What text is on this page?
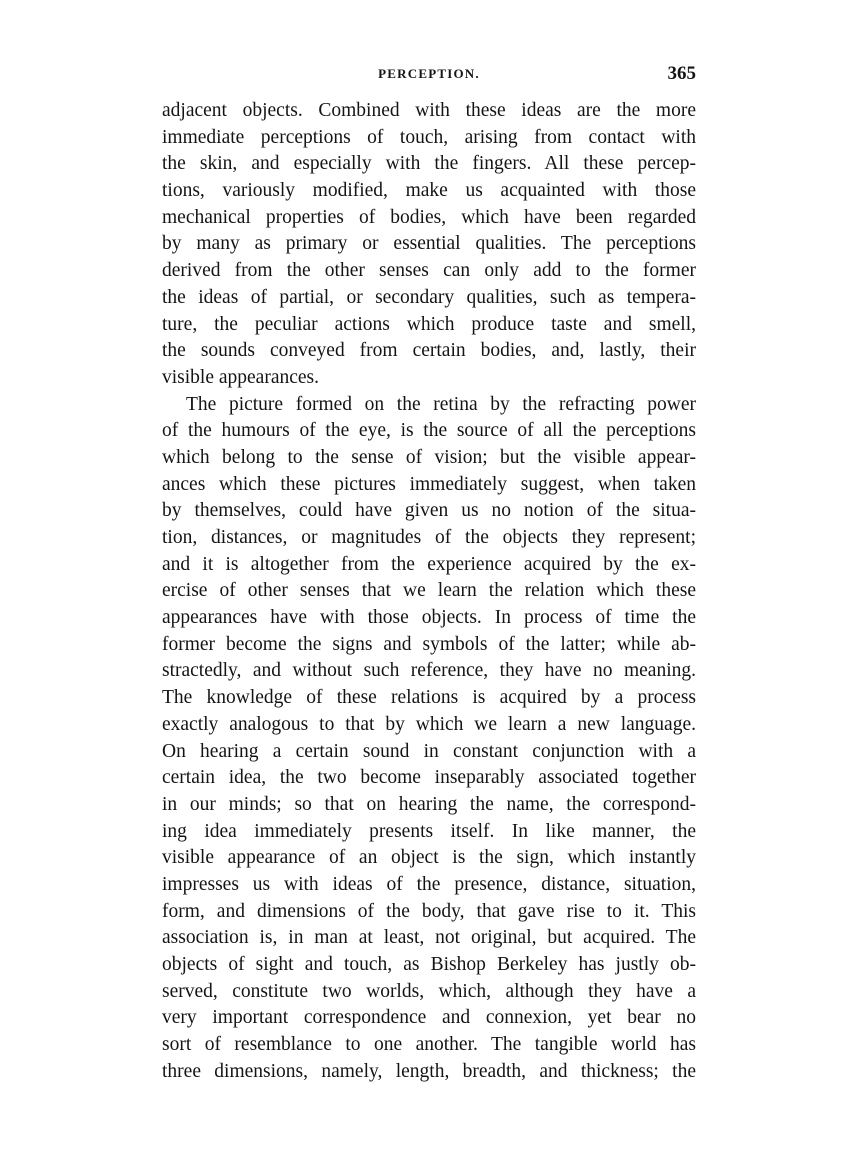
PERCEPTION.	365
adjacent objects. Combined with these ideas are the more
immediate perceptions of touch, arising from contact with
the skin, and especially with the fingers. All these percep-
tions, variously modified, make us acquainted with those
mechanical properties of bodies, which have been regarded
by many as primary or essential qualities. The perceptions
derived from the other senses can only add to the former
the ideas of partial, or secondary qualities, such as tempera-
ture, the peculiar actions which produce taste and smell,
the sounds conveyed from certain bodies, and, lastly, their
visible appearances.
The picture formed on the retina by the refracting power
of the humours of the eye, is the source of all the perceptions
which belong to the sense of vision; but the visible appear-
ances which these pictures immediately suggest, when taken
by themselves, could have given us no notion of the situa-
tion, distances, or magnitudes of the objects they represent;
and it is altogether from the experience acquired by the ex-
ercise of other senses that we learn the relation which these
appearances have with those objects. In process of time the
former become the signs and symbols of the latter; while ab-
stractedly, and without such reference, they have no meaning.
The knowledge of these relations is acquired by a process
exactly analogous to that by which we learn a new language.
On hearing a certain sound in constant conjunction with a
certain idea, the two become inseparably associated together
in our minds; so that on hearing the name, the correspond-
ing idea immediately presents itself. In like manner, the
visible appearance of an object is the sign, which instantly
impresses us with ideas of the presence, distance, situation,
form, and dimensions of the body, that gave rise to it. This
association is, in man at least, not original, but acquired. The
objects of sight and touch, as Bishop Berkeley has justly ob-
served, constitute two worlds, which, although they have a
very important correspondence and connexion, yet bear no
sort of resemblance to one another. The tangible world has
three dimensions, namely, length, breadth, and thickness; the
